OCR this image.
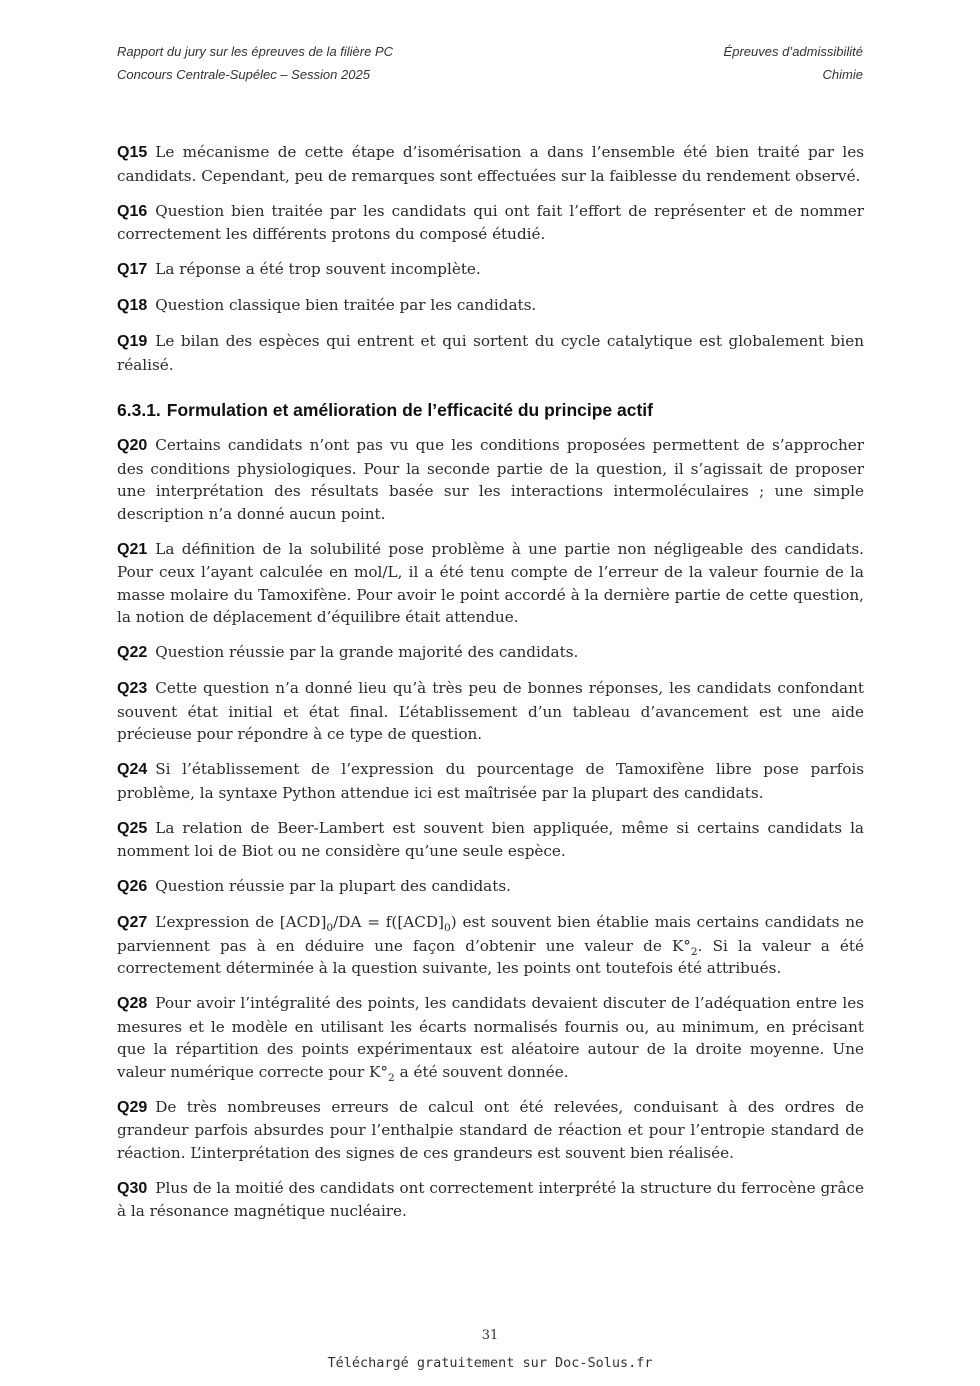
Rapport du jury sur les épreuves de la filière PC	Épreuves d’admissibilité
Concours Centrale-Supélec – Session 2025	Chimie
Q15 Le mécanisme de cette étape d’isomérisation a dans l’ensemble été bien traité par les candidats. Cependant, peu de remarques sont effectuées sur la faiblesse du rendement observé.
Q16 Question bien traitée par les candidats qui ont fait l’effort de représenter et de nommer correctement les différents protons du composé étudié.
Q17 La réponse a été trop souvent incomplète.
Q18 Question classique bien traitée par les candidats.
Q19 Le bilan des espèces qui entrent et qui sortent du cycle catalytique est globalement bien réalisé.
6.3.1. Formulation et amélioration de l’efficacité du principe actif
Q20 Certains candidats n’ont pas vu que les conditions proposées permettent de s’approcher des conditions physiologiques. Pour la seconde partie de la question, il s’agissait de proposer une interprétation des résultats basée sur les interactions intermoléculaires ; une simple description n’a donné aucun point.
Q21 La définition de la solubilité pose problème à une partie non négligeable des candidats. Pour ceux l’ayant calculée en mol/L, il a été tenu compte de l’erreur de la valeur fournie de la masse molaire du Tamoxifène. Pour avoir le point accordé à la dernière partie de cette question, la notion de déplacement d’équilibre était attendue.
Q22 Question réussie par la grande majorité des candidats.
Q23 Cette question n’a donné lieu qu’à très peu de bonnes réponses, les candidats confondant souvent état initial et état final. L’établissement d’un tableau d’avancement est une aide précieuse pour répondre à ce type de question.
Q24 Si l’établissement de l’expression du pourcentage de Tamoxifène libre pose parfois problème, la syntaxe Python attendue ici est maîtrisée par la plupart des candidats.
Q25 La relation de Beer-Lambert est souvent bien appliquée, même si certains candidats la nomment loi de Biot ou ne considère qu’une seule espèce.
Q26 Question réussie par la plupart des candidats.
Q27 L’expression de $[ACD]_0/DA = f([ACD]_0)$ est souvent bien établie mais certains candidats ne parviennent pas à en déduire une façon d’obtenir une valeur de $K^\circ_2$. Si la valeur a été correctement déterminée à la question suivante, les points ont toutefois été attribués.
Q28 Pour avoir l’intégralité des points, les candidats devaient discuter de l’adéquation entre les mesures et le modèle en utilisant les écarts normalisés fournis ou, au minimum, en précisant que la répartition des points expérimentaux est aléatoire autour de la droite moyenne. Une valeur numérique correcte pour $K^\circ_2$ a été souvent donnée.
Q29 De très nombreuses erreurs de calcul ont été relevées, conduisant à des ordres de grandeur parfois absurdes pour l’enthalpie standard de réaction et pour l’entropie standard de réaction. L’interprétation des signes de ces grandeurs est souvent bien réalisée.
Q30 Plus de la moitié des candidats ont correctement interprété la structure du ferrocène grâce à la résonance magnétique nucléaire.
31
Téléchargé gratuitement sur Doc-Solus.fr
